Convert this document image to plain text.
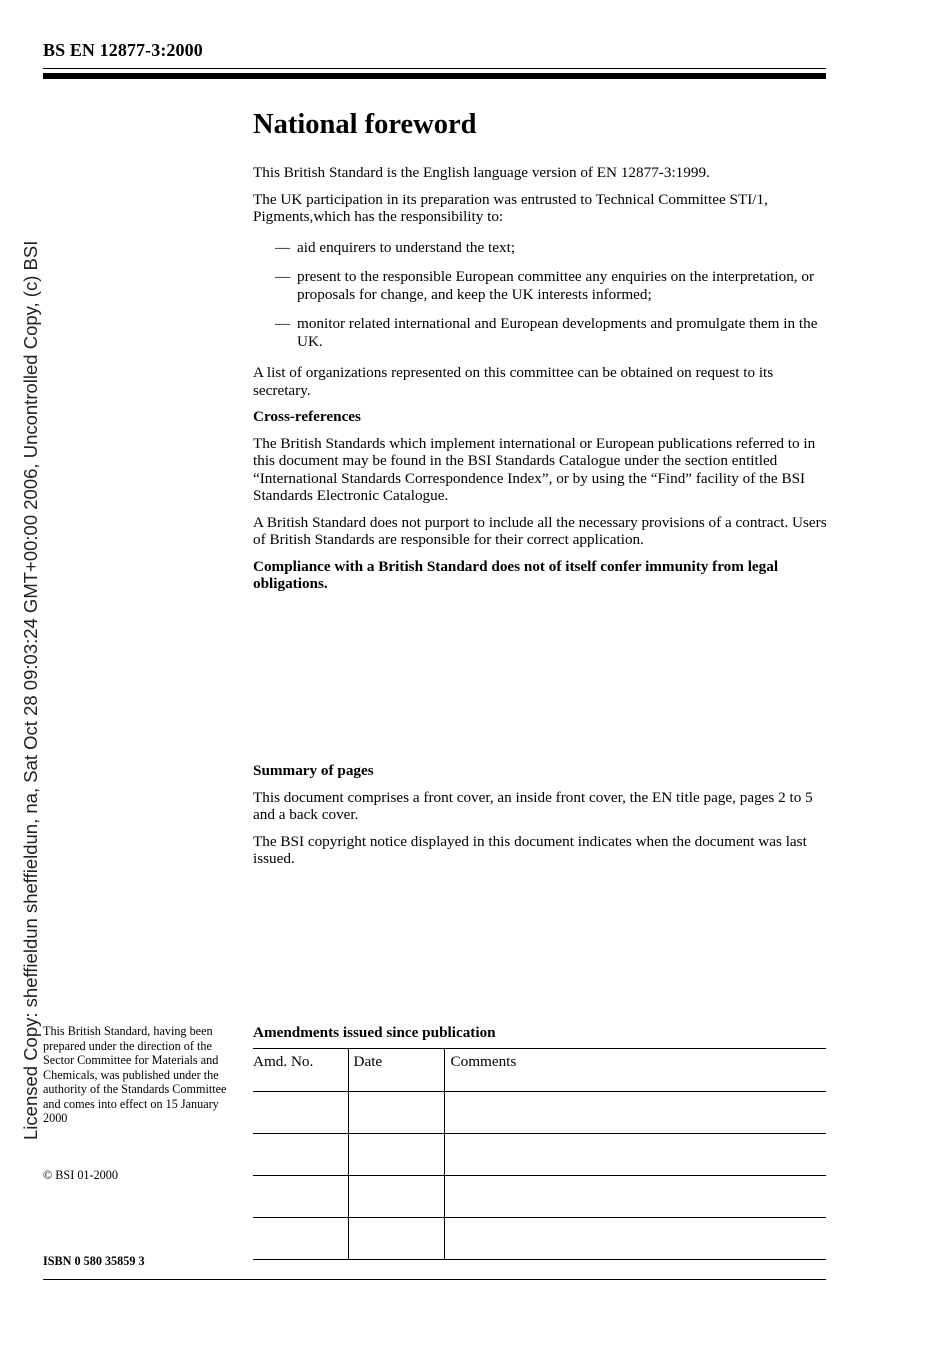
BS EN 12877-3:2000
Licensed Copy: sheffieldun sheffieldun, na, Sat Oct 28 09:03:24 GMT+00:00 2006, Uncontrolled Copy, (c) BSI
National foreword

This British Standard is the English language version of EN 12877-3:1999.

The UK participation in its preparation was entrusted to Technical Committee STI/1, Pigments,which has the responsibility to:

— aid enquirers to understand the text;
— present to the responsible European committee any enquiries on the interpretation, or proposals for change, and keep the UK interests informed;
— monitor related international and European developments and promulgate them in the UK.

A list of organizations represented on this committee can be obtained on request to its secretary.

Cross-references

The British Standards which implement international or European publications referred to in this document may be found in the BSI Standards Catalogue under the section entitled “International Standards Correspondence Index”, or by using the “Find” facility of the BSI Standards Electronic Catalogue.

A British Standard does not purport to include all the necessary provisions of a contract. Users of British Standards are responsible for their correct application.

Compliance with a British Standard does not of itself confer immunity from legal obligations.

Summary of pages

This document comprises a front cover, an inside front cover, the EN title page, pages 2 to 5 and a back cover.

The BSI copyright notice displayed in this document indicates when the document was last issued.

This British Standard, having been prepared under the direction of the Sector Committee for Materials and Chemicals, was published under the authority of the Standards Committee and comes into effect on 15 January 2000
© BSI 01-2000
ISBN 0 580 35859 3
Amendments issued since publication
Amd. No.	Date	Comments
